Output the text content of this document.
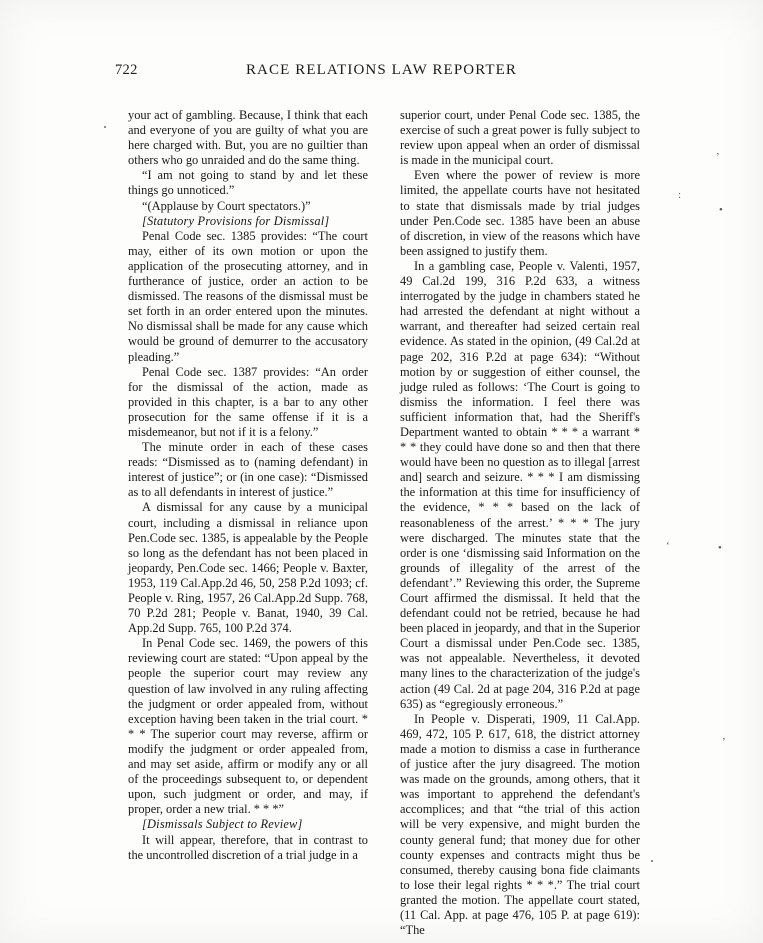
722	RACE RELATIONS LAW REPORTER

your act of gambling. Because, I think that each and everyone of you are guilty of what you are here charged with. But, you are no guiltier than others who go unraided and do the same thing.

“I am not going to stand by and let these things go unnoticed.”

“(Applause by Court spectators.)”

[Statutory Provisions for Dismissal]

Penal Code sec. 1385 provides: “The court may, either of its own motion or upon the application of the prosecuting attorney, and in furtherance of justice, order an action to be dismissed. The reasons of the dismissal must be set forth in an order entered upon the minutes. No dismissal shall be made for any cause which would be ground of demurrer to the accusatory pleading.”

Penal Code sec. 1387 provides: “An order for the dismissal of the action, made as provided in this chapter, is a bar to any other prosecution for the same offense if it is a misdemeanor, but not if it is a felony.”

The minute order in each of these cases reads: “Dismissed as to (naming defendant) in interest of justice”; or (in one case): “Dismissed as to all defendants in interest of justice.”

A dismissal for any cause by a municipal court, including a dismissal in reliance upon Pen.Code sec. 1385, is appealable by the People so long as the defendant has not been placed in jeopardy, Pen.Code sec. 1466; People v. Baxter, 1953, 119 Cal.App.2d 46, 50, 258 P.2d 1093; cf. People v. Ring, 1957, 26 Cal.App.2d Supp. 768, 70 P.2d 281; People v. Banat, 1940, 39 Cal. App.2d Supp. 765, 100 P.2d 374.

In Penal Code sec. 1469, the powers of this reviewing court are stated: “Upon appeal by the people the superior court may review any question of law involved in any ruling affecting the judgment or order appealed from, without exception having been taken in the trial court. * * * The superior court may reverse, affirm or modify the judgment or order appealed from, and may set aside, affirm or modify any or all of the proceedings subsequent to, or dependent upon, such judgment or order, and may, if proper, order a new trial. * * *”

[Dismissals Subject to Review]

It will appear, therefore, that in contrast to the uncontrolled discretion of a trial judge in a

superior court, under Penal Code sec. 1385, the exercise of such a great power is fully subject to review upon appeal when an order of dismissal is made in the municipal court.

Even where the power of review is more limited, the appellate courts have not hesitated to state that dismissals made by trial judges under Pen.Code sec. 1385 have been an abuse of discretion, in view of the reasons which have been assigned to justify them.

In a gambling case, People v. Valenti, 1957, 49 Cal.2d 199, 316 P.2d 633, a witness interrogated by the judge in chambers stated he had arrested the defendant at night without a warrant, and thereafter had seized certain real evidence. As stated in the opinion, (49 Cal.2d at page 202, 316 P.2d at page 634): “Without motion by or suggestion of either counsel, the judge ruled as follows: ‘The Court is going to dismiss the information. I feel there was sufficient information that, had the Sheriff's Department wanted to obtain * * * a warrant * * * they could have done so and then that there would have been no question as to illegal [arrest and] search and seizure. * * * I am dismissing the information at this time for insufficiency of the evidence, * * * based on the lack of reasonableness of the arrest.’ * * * The jury were discharged. The minutes state that the order is one ‘dismissing said Information on the grounds of illegality of the arrest of the defendant’.” Reviewing this order, the Supreme Court affirmed the dismissal. It held that the defendant could not be retried, because he had been placed in jeopardy, and that in the Superior Court a dismissal under Pen.Code sec. 1385, was not appealable. Nevertheless, it devoted many lines to the characterization of the judge's action (49 Cal. 2d at page 204, 316 P.2d at page 635) as “egregiously erroneous.”

In People v. Disperati, 1909, 11 Cal.App. 469, 472, 105 P. 617, 618, the district attorney made a motion to dismiss a case in furtherance of justice after the jury disagreed. The motion was made on the grounds, among others, that it was important to apprehend the defendant's accomplices; and that “the trial of this action will be very expensive, and might burden the county general fund; that money due for other county expenses and contracts might thus be consumed, thereby causing bona fide claimants to lose their legal rights * * *.” The trial court granted the motion. The appellate court stated, (11 Cal. App. at page 476, 105 P. at page 619): “The

’
•
:
•
‘
’
